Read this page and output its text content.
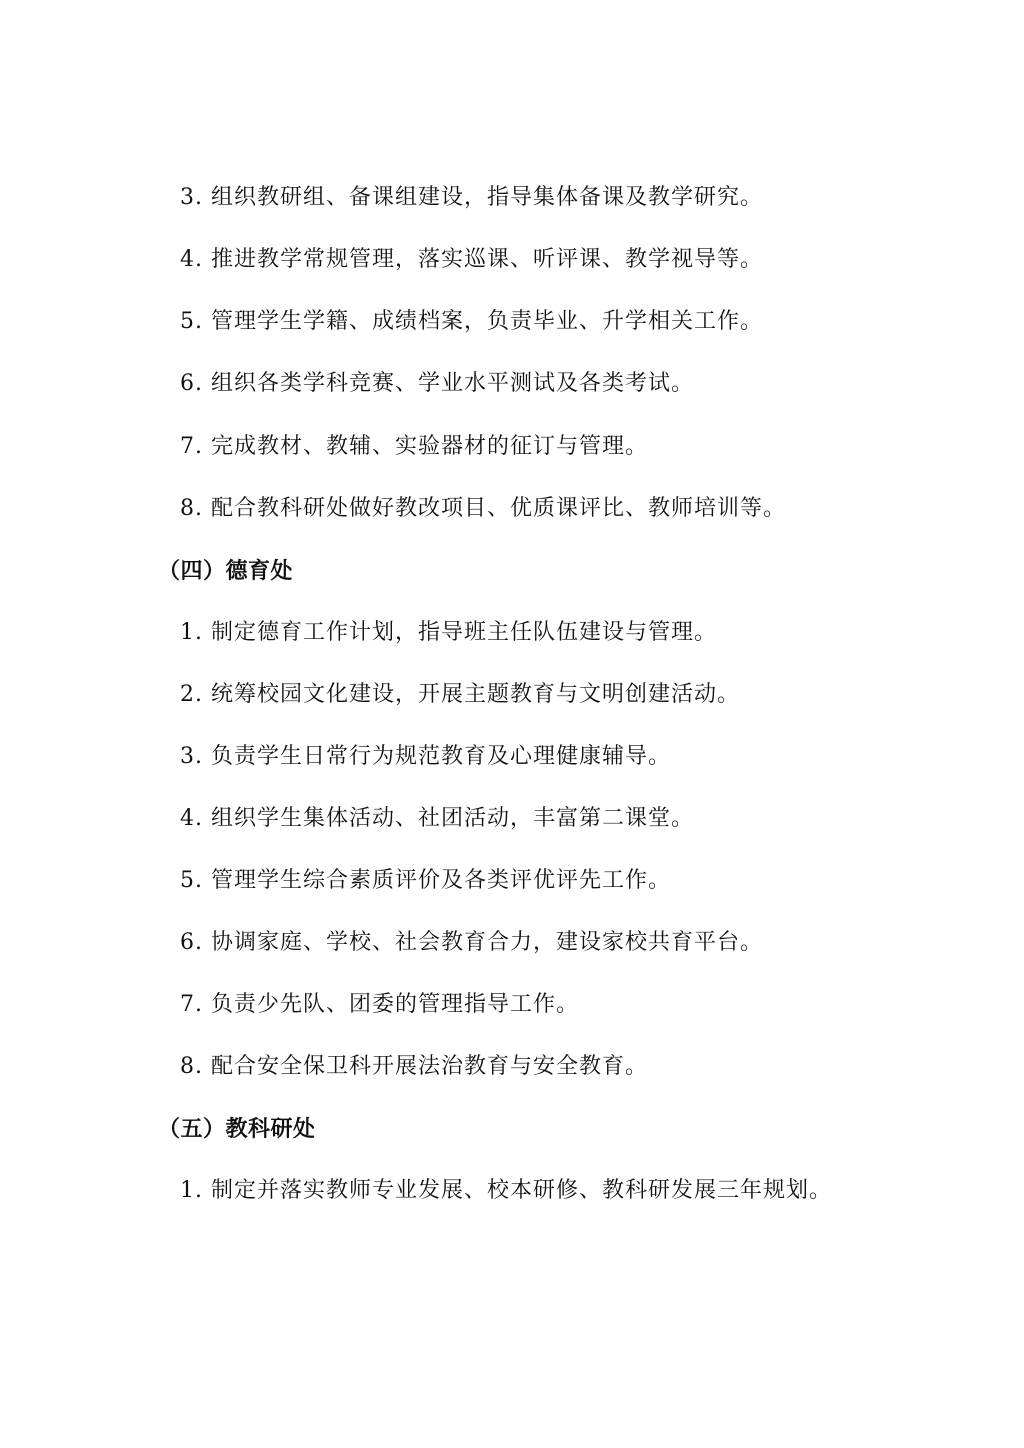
3. 组织教研组、备课组建设，指导集体备课及教学研究。
4. 推进教学常规管理，落实巡课、听评课、教学视导等。
5. 管理学生学籍、成绩档案，负责毕业、升学相关工作。
6. 组织各类学科竞赛、学业水平测试及各类考试。
7. 完成教材、教辅、实验器材的征订与管理。
8. 配合教科研处做好教改项目、优质课评比、教师培训等。
（四）德育处
1. 制定德育工作计划，指导班主任队伍建设与管理。
2. 统筹校园文化建设，开展主题教育与文明创建活动。
3. 负责学生日常行为规范教育及心理健康辅导。
4. 组织学生集体活动、社团活动，丰富第二课堂。
5. 管理学生综合素质评价及各类评优评先工作。
6. 协调家庭、学校、社会教育合力，建设家校共育平台。
7. 负责少先队、团委的管理指导工作。
8. 配合安全保卫科开展法治教育与安全教育。
（五）教科研处
1. 制定并落实教师专业发展、校本研修、教科研发展三年规划。
